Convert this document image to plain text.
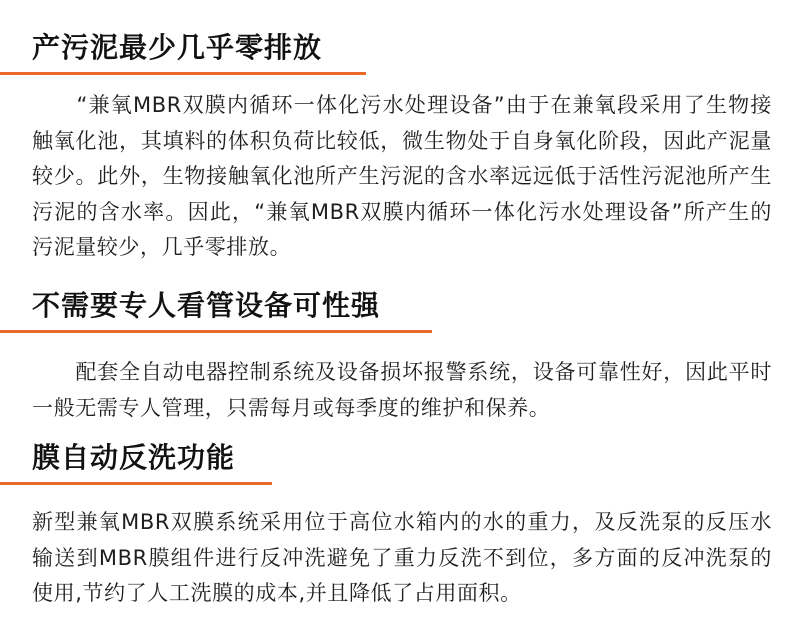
产污泥最少几乎零排放

　　“兼氧MBR双膜内循环一体化污水处理设备”由于在兼氧段采用了生物接触氧化池，其填料的体积负荷比较低，微生物处于自身氧化阶段，因此产泥量较少。此外，生物接触氧化池所产生污泥的含水率远远低于活性污泥池所产生污泥的含水率。因此，“兼氧MBR双膜内循环一体化污水处理设备”所产生的污泥量较少，几乎零排放。

不需要专人看管设备可性强

　　配套全自动电器控制系统及设备损坏报警系统，设备可靠性好，因此平时一般无需专人管理，只需每月或每季度的维护和保养。

膜自动反洗功能

新型兼氧MBR双膜系统采用位于高位水箱内的水的重力，及反洗泵的反压水输送到MBR膜组件进行反冲洗避免了重力反洗不到位，多方面的反冲洗泵的使用,节约了人工洗膜的成本,并且降低了占用面积。
